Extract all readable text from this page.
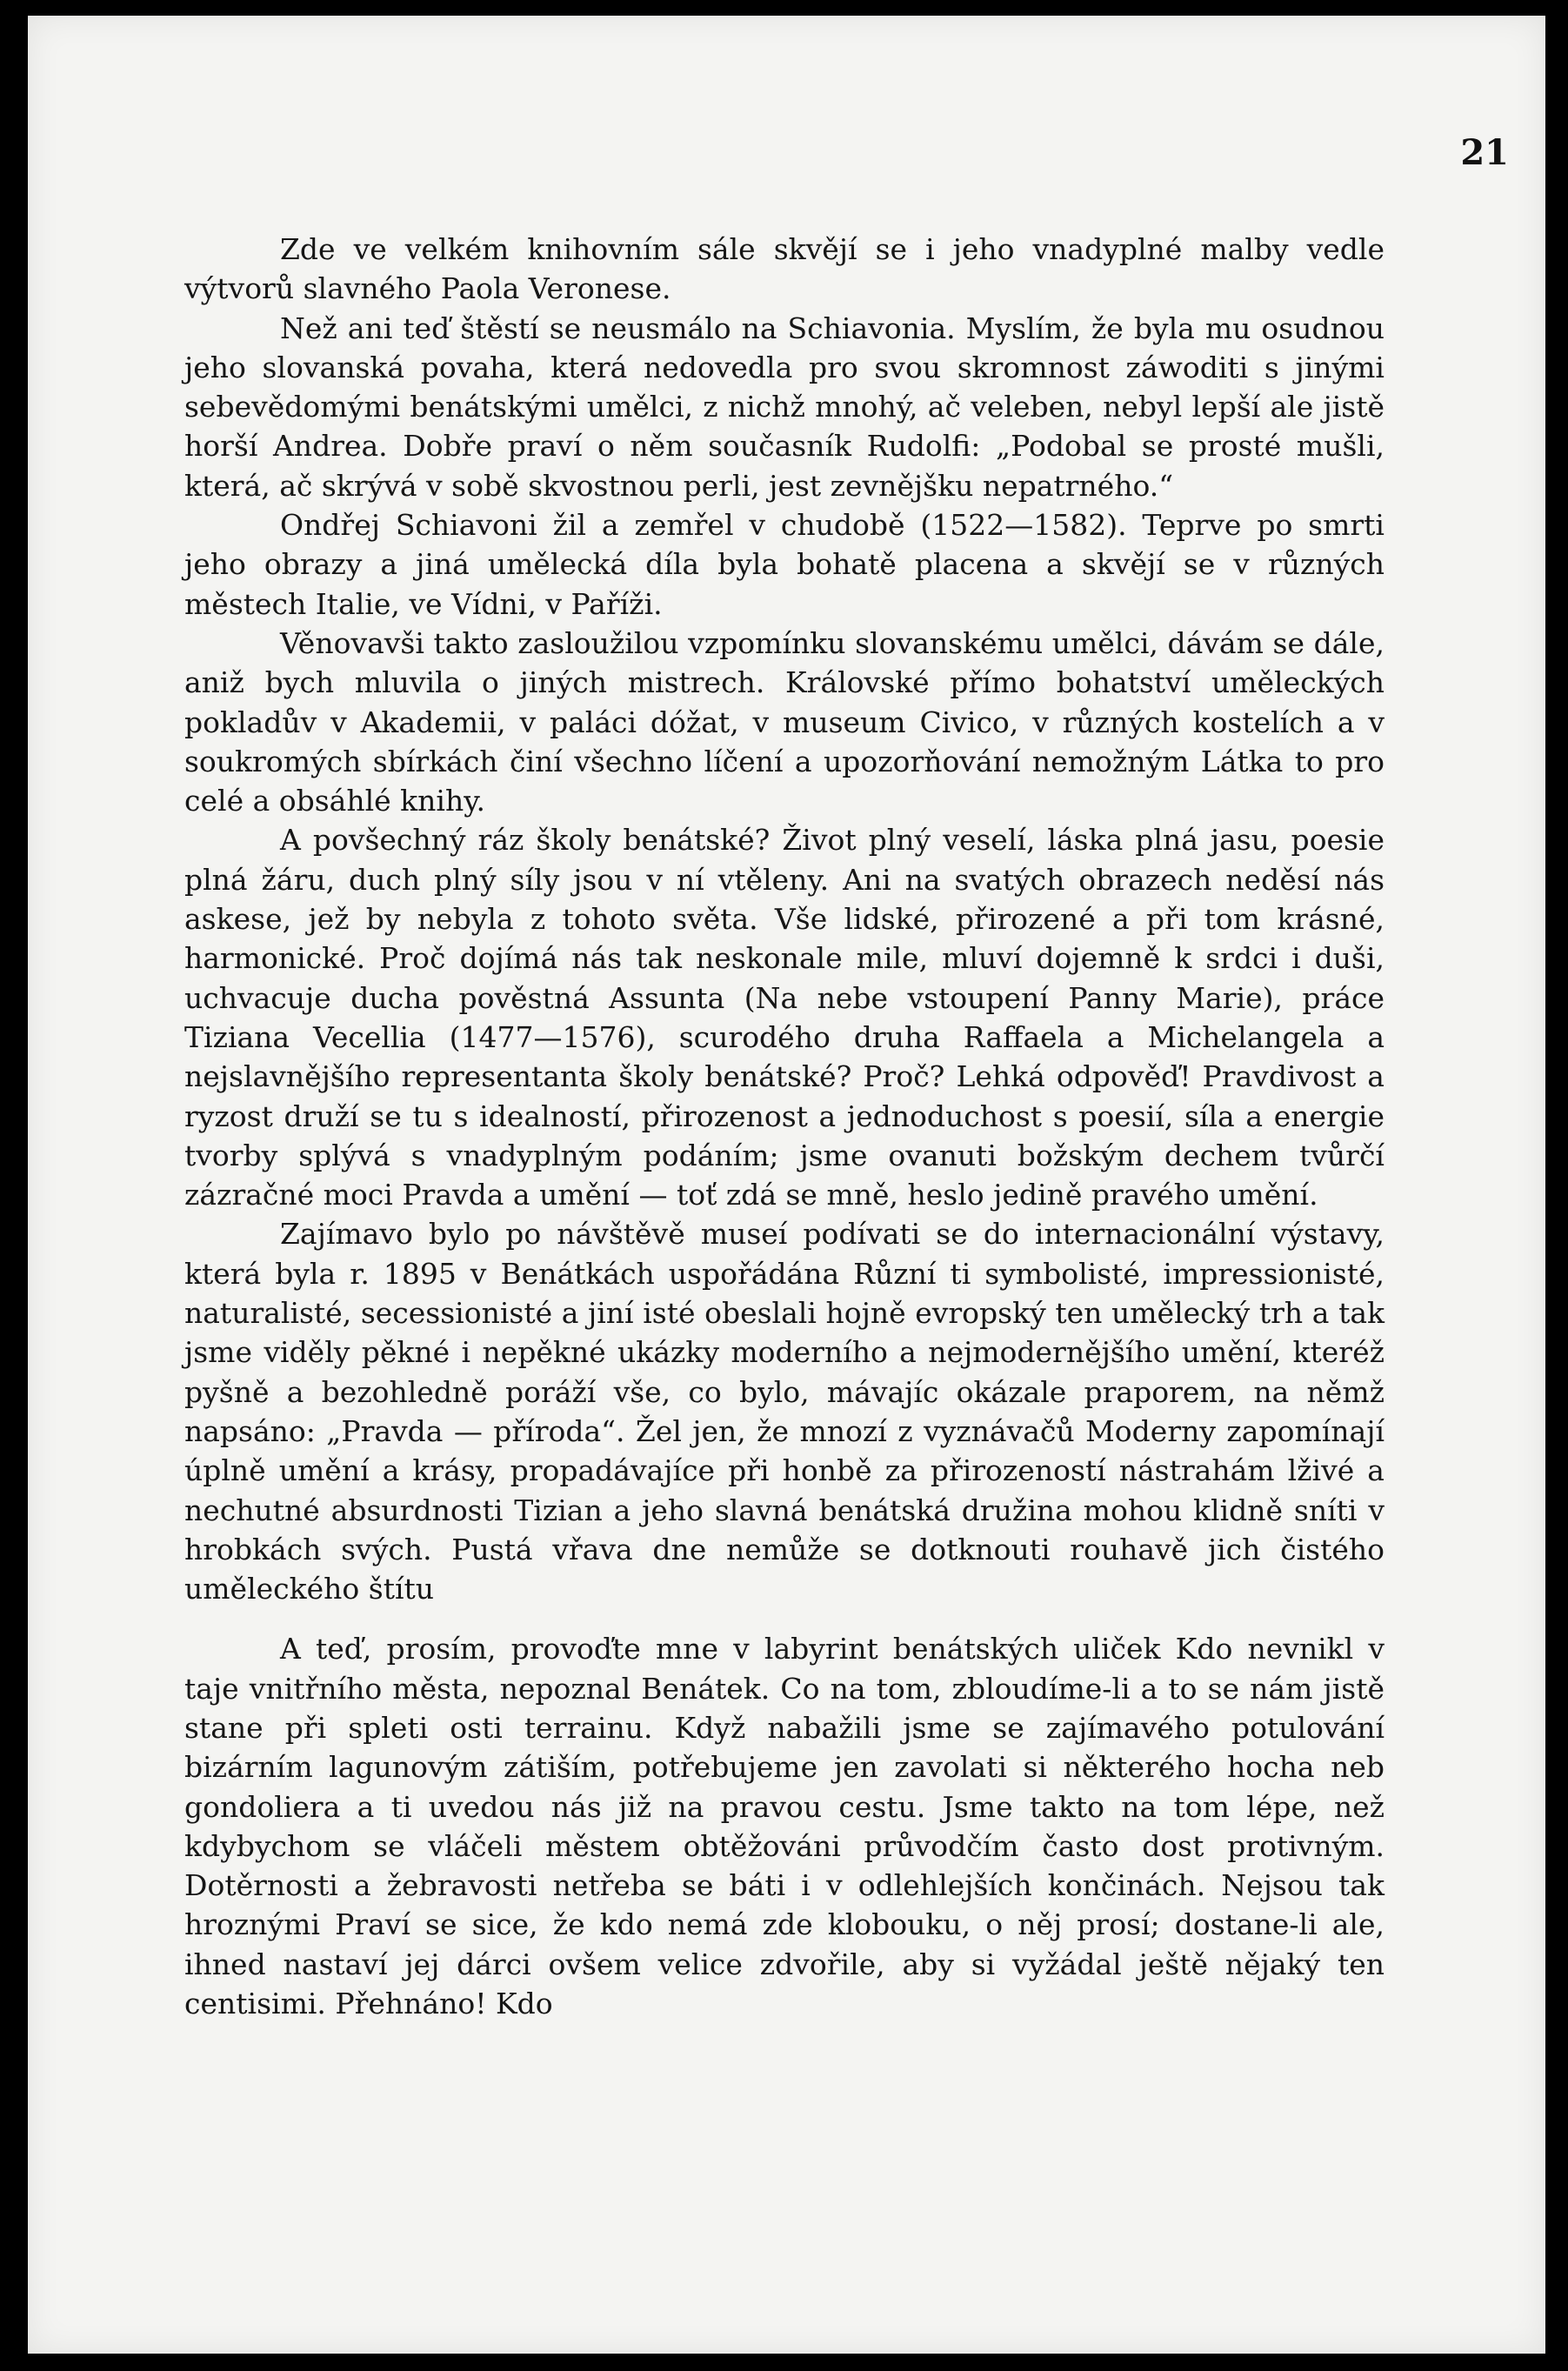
21

Zde ve velkém knihovním sále skvějí se i jeho vnadyplné malby vedle výtvorů slavného Paola Veronese.

Než ani teď štěstí se neusmálo na Schiavonia. Myslím, že byla mu osudnou jeho slovanská povaha, která nedovedla pro svou skromnost záwoditi s jinými sebevědomými benátskými umělci, z nichž mnohý, ač veleben, nebyl lepší ale jistě horší Andrea. Dobře praví o něm současník Rudolfi: „Podobal se prosté mušli, která, ač skrývá v sobě skvostnou perli, jest zevnějšku nepatrného.“

Ondřej Schiavoni žil a zemřel v chudobě (1522—1582). Teprve po smrti jeho obrazy a jiná umělecká díla byla bohatě placena a skvějí se v různých městech Italie, ve Vídni, v Paříži.

Věnovavši takto zasloužilou vzpomínku slovanskému umělci, dávám se dále, aniž bych mluvila o jiných mistrech. Královské přímo bohatství uměleckých pokladův v Akademii, v paláci dóžat, v museum Civico, v různých kostelích a v soukromých sbírkách činí všechno líčení a upozorňování nemožným Látka to pro celé a obsáhlé knihy.

A povšechný ráz školy benátské? Život plný veselí, láska plná jasu, poesie plná žáru, duch plný síly jsou v ní vtěleny. Ani na svatých obrazech neděsí nás askese, jež by nebyla z tohoto světa. Vše lidské, přirozené a při tom krásné, harmonické. Proč dojímá nás tak neskonale mile, mluví dojemně k srdci i duši, uchvacuje ducha pověstná Assunta (Na nebe vstoupení Panny Marie), práce Tiziana Vecellia (1477—1576), scurodého druha Raffaela a Michelangela a nejslavnějšího representanta školy benátské? Proč? Lehká odpověď! Pravdivost a ryzost druží se tu s idealností, přirozenost a jednoduchost s poesií, síla a energie tvorby splývá s vnadyplným podáním; jsme ovanuti božským dechem tvůrčí zázračné moci Pravda a umění — toť zdá se mně, heslo jedině pravého umění.

Zajímavo bylo po návštěvě museí podívati se do internacionální výstavy, která byla r. 1895 v Benátkách uspořádána Různí ti symbolisté, impressionisté, naturalisté, secessionisté a jiní isté obeslali hojně evropský ten umělecký trh a tak jsme viděly pěkné i nepěkné ukázky moderního a nejmodernějšího umění, kteréž pyšně a bezohledně poráží vše, co bylo, mávajíc okázale praporem, na němž napsáno: „Pravda — příroda“. Žel jen, že mnozí z vyznávačů Moderny zapomínají úplně umění a krásy, propadávajíce při honbě za přirozeností nástrahám lživé a nechutné absurdnosti Tizian a jeho slavná benátská družina mohou klidně sníti v hrobkách svých. Pustá vřava dne nemůže se dotknouti rouhavě jich čistého uměleckého štítu

A teď, prosím, provoďte mne v labyrint benátských uliček Kdo nevnikl v taje vnitřního města, nepoznal Benátek. Co na tom, zbloudíme-li a to se nám jistě stane při spleti osti terrainu. Když nabažili jsme se zajímavého potulování bizárním lagunovým zátiším, potřebujeme jen zavolati si některého hocha neb gondoliera a ti uvedou nás již na pravou cestu. Jsme takto na tom lépe, než kdybychom se vláčeli městem obtěžováni průvodčím často dost protivným. Dotěrnosti a žebravosti netřeba se báti i v odlehlejších končinách. Nejsou tak hroznými Praví se sice, že kdo nemá zde klobouku, o něj prosí; dostane-li ale, ihned nastaví jej dárci ovšem velice zdvořile, aby si vyžádal ještě nějaký ten centisimi. Přehnáno! Kdo
